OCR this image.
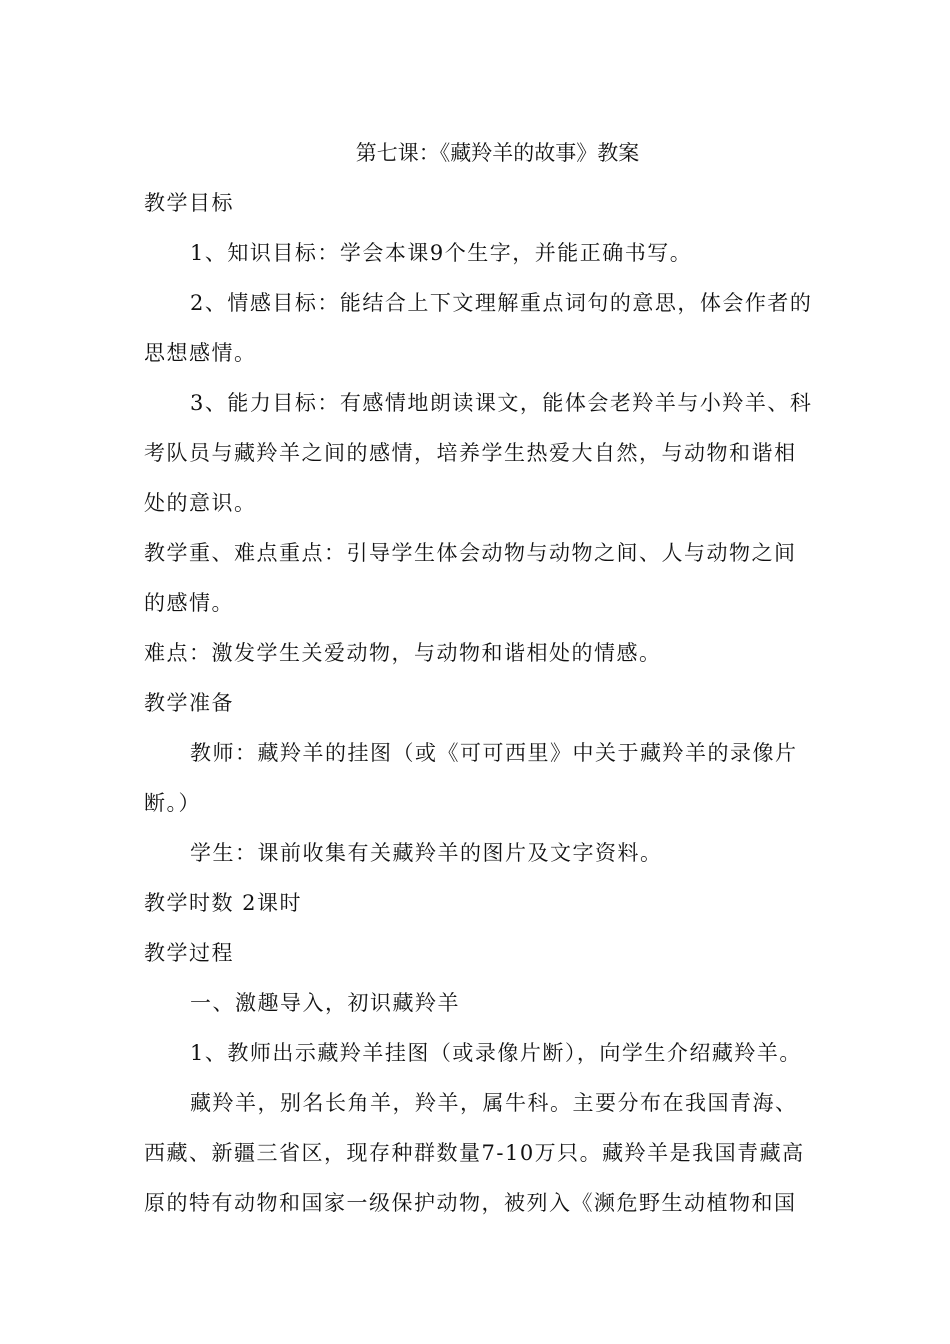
第七课：《藏羚羊的故事》教案
教学目标
1、知识目标：学会本课9个生字，并能正确书写。
2、情感目标：能结合上下文理解重点词句的意思，体会作者的
思想感情。
3、能力目标：有感情地朗读课文，能体会老羚羊与小羚羊、科
考队员与藏羚羊之间的感情，培养学生热爱大自然，与动物和谐相
处的意识。
教学重、难点重点：引导学生体会动物与动物之间、人与动物之间
的感情。
难点：激发学生关爱动物，与动物和谐相处的情感。
教学准备
教师：藏羚羊的挂图（或《可可西里》中关于藏羚羊的录像片
断。）
学生：课前收集有关藏羚羊的图片及文字资料。
教学时数 2课时
教学过程
一、激趣导入，初识藏羚羊
1、教师出示藏羚羊挂图（或录像片断），向学生介绍藏羚羊。
藏羚羊，别名长角羊，羚羊，属牛科。主要分布在我国青海、
西藏、新疆三省区，现存种群数量7-10万只。藏羚羊是我国青藏高
原的特有动物和国家一级保护动物，被列入《濒危野生动植物和国
